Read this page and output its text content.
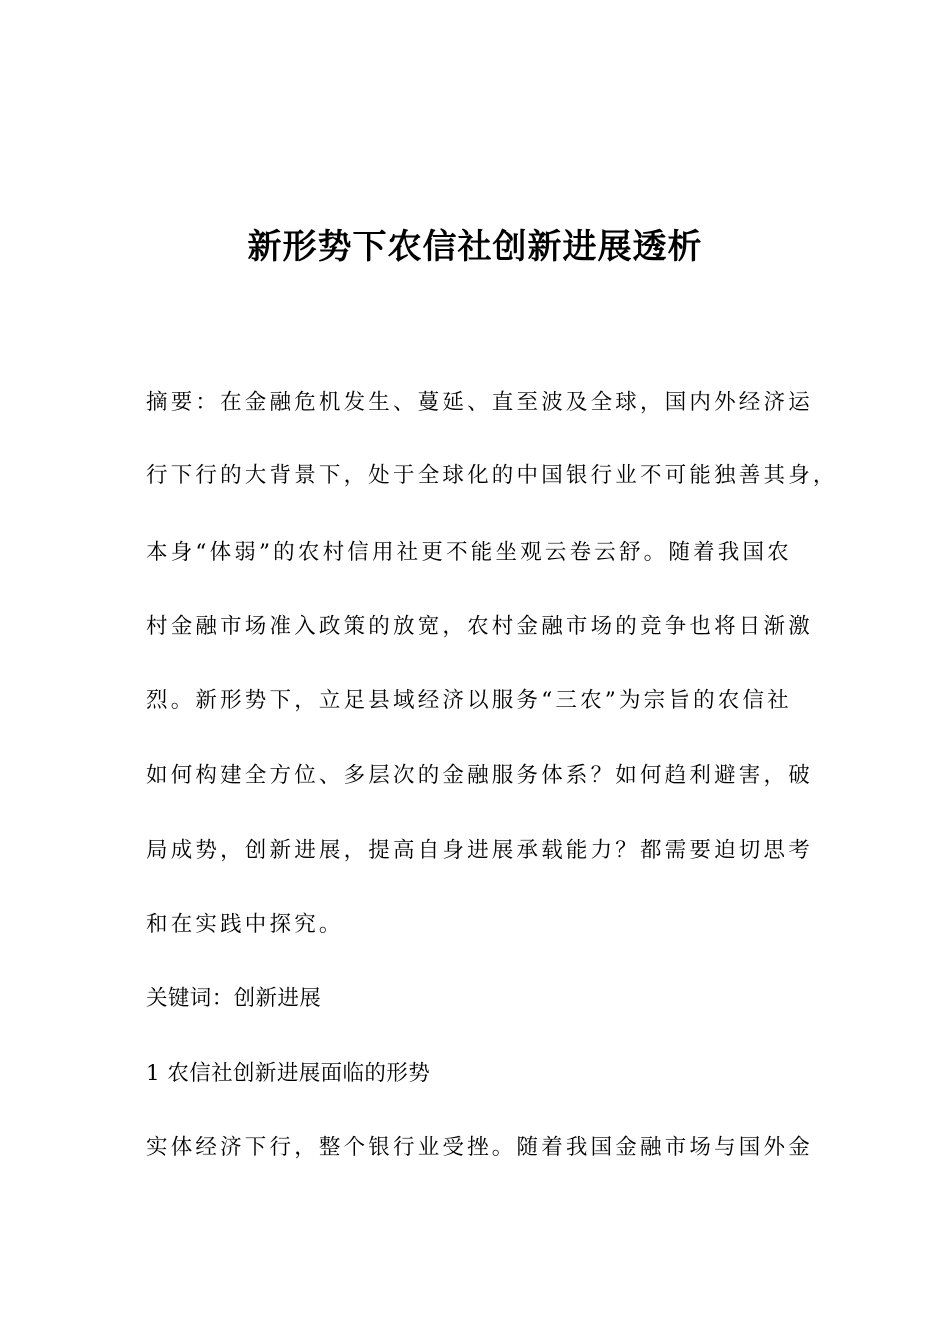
新形势下农信社创新进展透析

摘要：在金融危机发生、蔓延、直至波及全球，国内外经济运

行下行的大背景下，处于全球化的中国银行业不可能独善其身，

本身“体弱”的农村信用社更不能坐观云卷云舒。随着我国农

村金融市场准入政策的放宽，农村金融市场的竞争也将日渐激

烈。新形势下，立足县域经济以服务“三农”为宗旨的农信社

如何构建全方位、多层次的金融服务体系？如何趋利避害，破

局成势，创新进展，提高自身进展承载能力？都需要迫切思考

和在实践中探究。

关键词：创新进展

1 农信社创新进展面临的形势

实体经济下行，整个银行业受挫。随着我国金融市场与国外金
